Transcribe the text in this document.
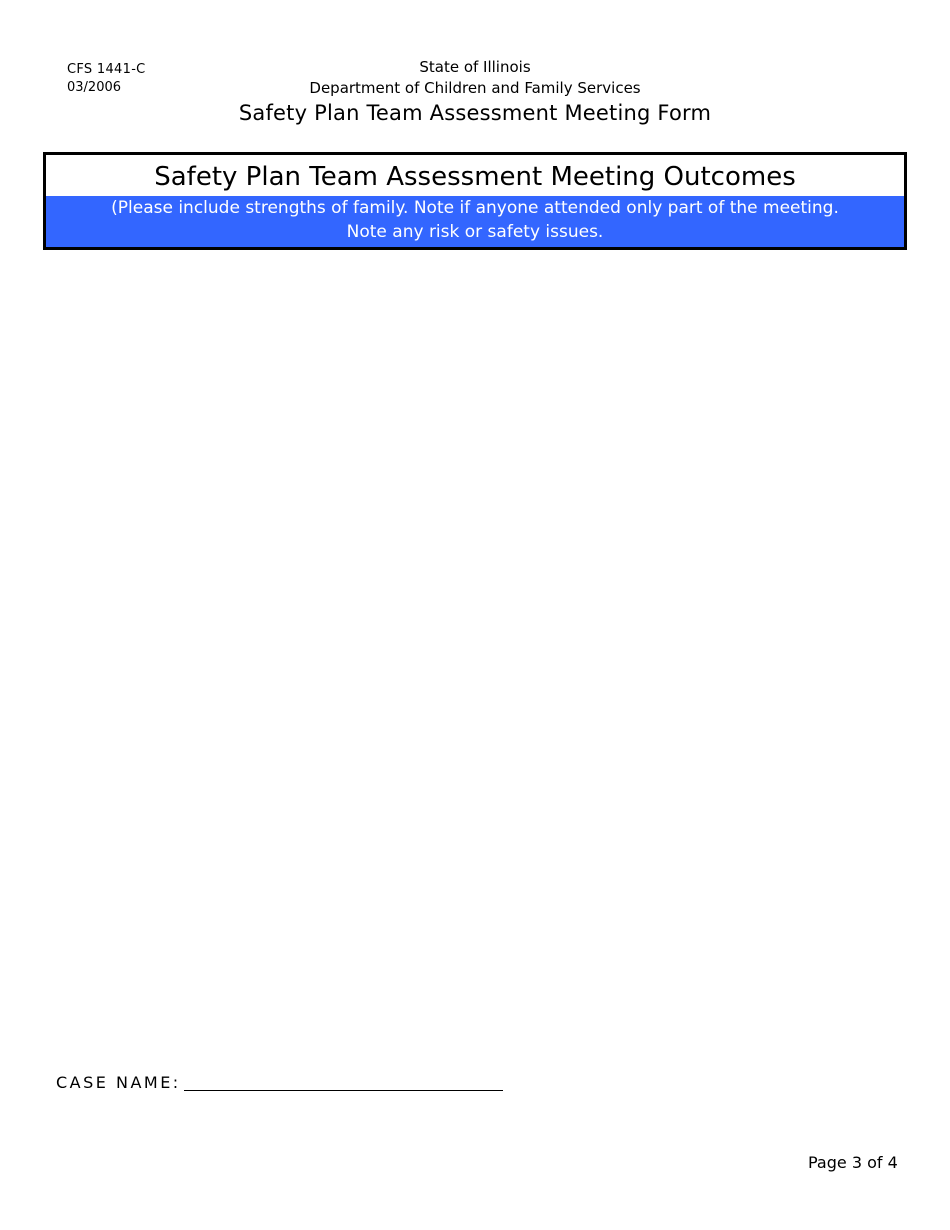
CFS 1441-C
03/2006
State of Illinois
Department of Children and Family Services
Safety Plan Team Assessment Meeting Form
Safety Plan Team Assessment Meeting Outcomes
(Please include strengths of family. Note if anyone attended only part of the meeting.
Note any risk or safety issues.
CASE NAME:
Page 3 of 4
